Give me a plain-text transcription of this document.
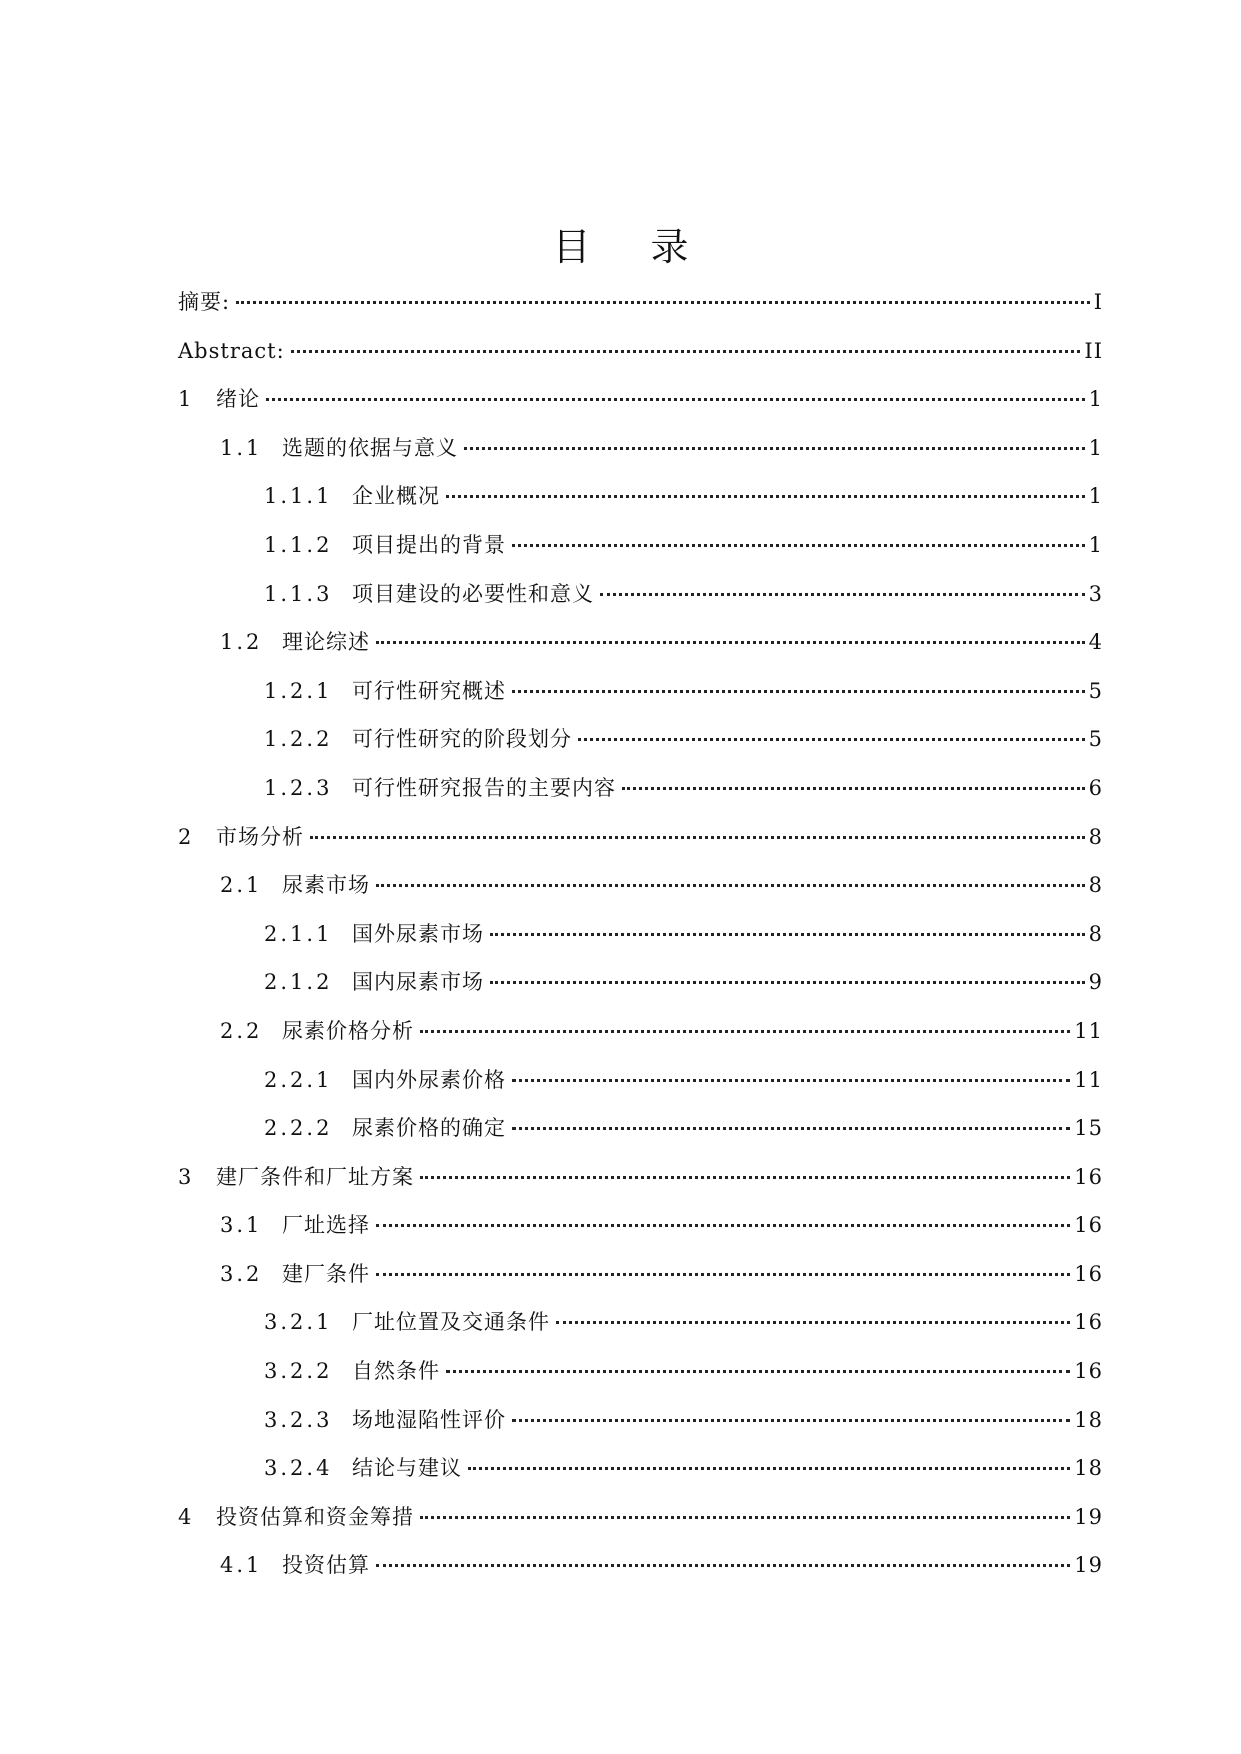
目 录
摘要:	I
Abstract:	II
1	绪论	1
1.1 选题的依据与意义	1
1.1.1 企业概况	1
1.1.2 项目提出的背景	1
1.1.3 项目建设的必要性和意义	3
1.2 理论综述	4
1.2.1 可行性研究概述	5
1.2.2 可行性研究的阶段划分	5
1.2.3 可行性研究报告的主要内容	6
2	市场分析	8
2.1 尿素市场	8
2.1.1 国外尿素市场	8
2.1.2 国内尿素市场	9
2.2 尿素价格分析	11
2.2.1 国内外尿素价格	11
2.2.2 尿素价格的确定	15
3	建厂条件和厂址方案	16
3.1 厂址选择	16
3.2 建厂条件	16
3.2.1 厂址位置及交通条件	16
3.2.2 自然条件	16
3.2.3 场地湿陷性评价	18
3.2.4 结论与建议	18
4	投资估算和资金筹措	19
4.1 投资估算	19
